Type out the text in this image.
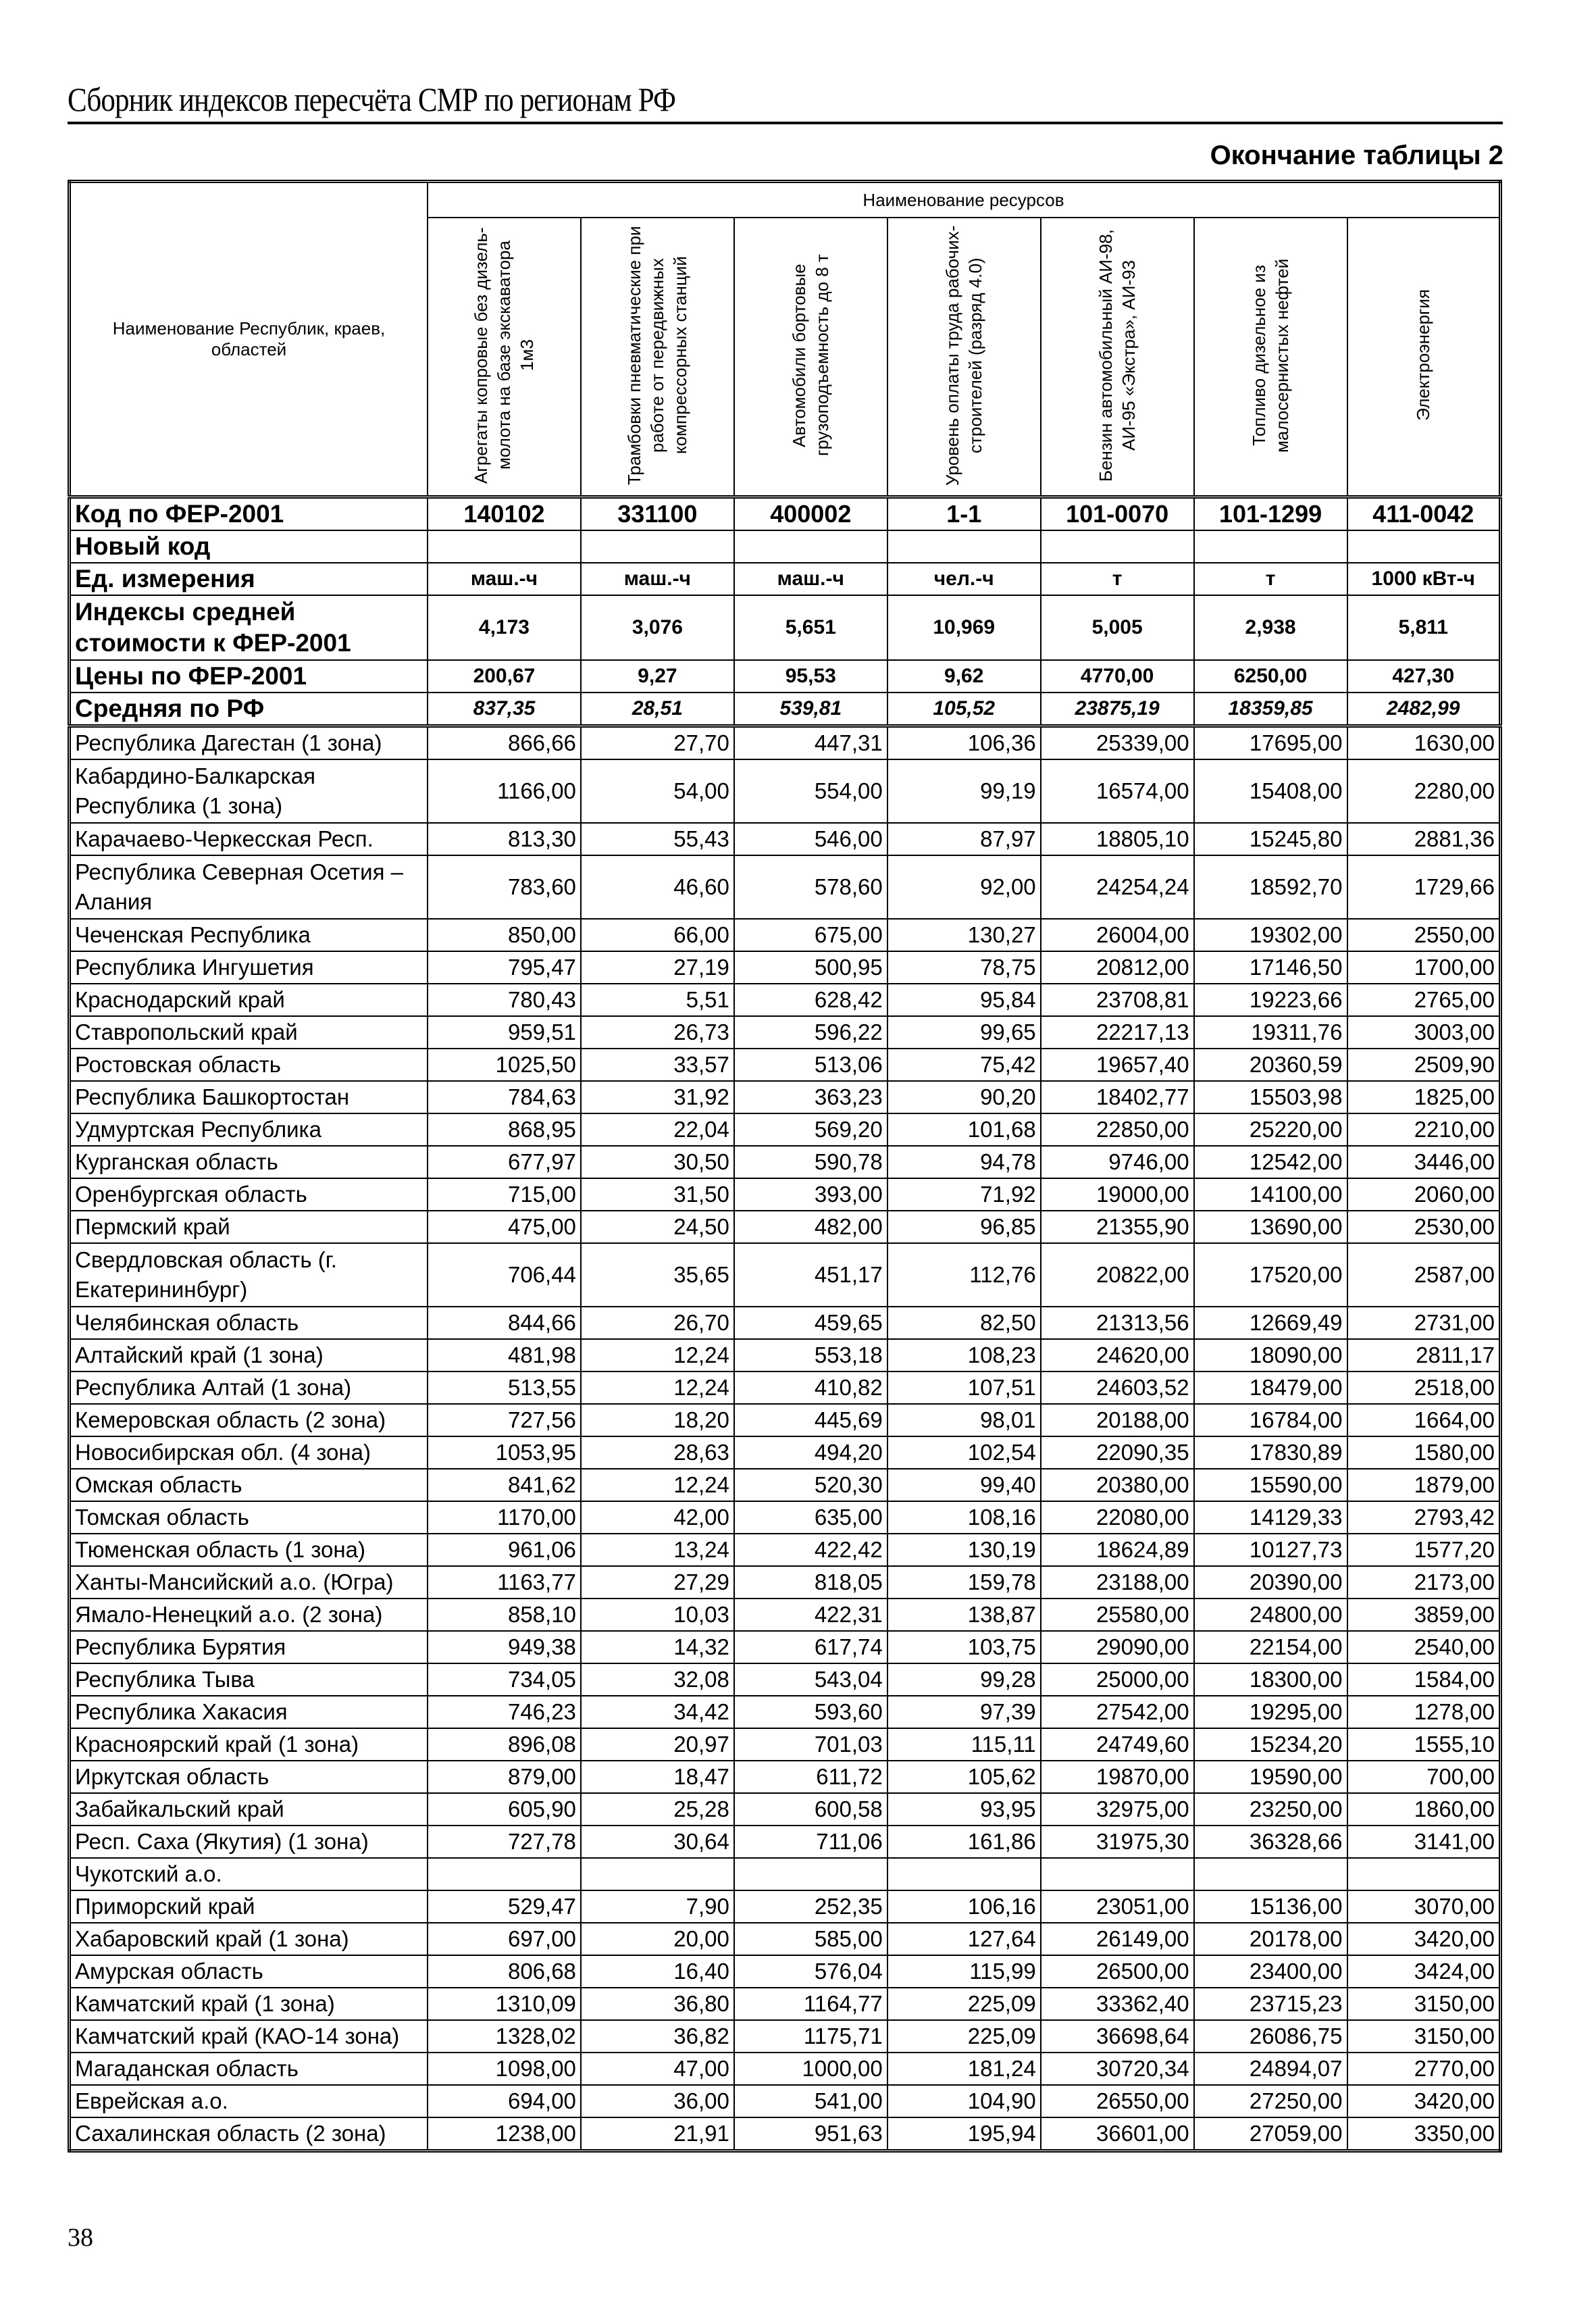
Сборник индексов пересчёта СМР по регионам РФ
Окончание таблицы 2
Наименование Республик, краев, областей	Наименование ресурсов						
	Агрегаты копровые без дизель-молота на базе экскаватора 1м3	Трамбовки пневматические при работе от передвижных компрессорных станций	Автомобили бортовые грузоподъемность до 8 т	Уровень оплаты труда рабочих-строителей (разряд 4.0)	Бензин автомобильный АИ-98, АИ-95 «Экстра», АИ-93	Топливо дизельное из малосернистых нефтей	Электроэнергия
Код по ФЕР-2001	140102	331100	400002	1-1	101-0070	101-1299	411-0042
Новый код							
Ед. измерения	маш.-ч	маш.-ч	маш.-ч	чел.-ч	т	т	1000 кВт-ч
Индексы средней стоимости к ФЕР-2001	4,173	3,076	5,651	10,969	5,005	2,938	5,811
Цены по ФЕР-2001	200,67	9,27	95,53	9,62	4770,00	6250,00	427,30
Средняя по РФ	837,35	28,51	539,81	105,52	23875,19	18359,85	2482,99
Республика Дагестан (1 зона)	866,66	27,70	447,31	106,36	25339,00	17695,00	1630,00
Кабардино-Балкарская Республика (1 зона)	1166,00	54,00	554,00	99,19	16574,00	15408,00	2280,00
Карачаево-Черкесская Респ.	813,30	55,43	546,00	87,97	18805,10	15245,80	2881,36
Республика Северная Осетия – Алания	783,60	46,60	578,60	92,00	24254,24	18592,70	1729,66
Чеченская Республика	850,00	66,00	675,00	130,27	26004,00	19302,00	2550,00
Республика Ингушетия	795,47	27,19	500,95	78,75	20812,00	17146,50	1700,00
Краснодарский край	780,43	5,51	628,42	95,84	23708,81	19223,66	2765,00
Ставропольский край	959,51	26,73	596,22	99,65	22217,13	19311,76	3003,00
Ростовская область	1025,50	33,57	513,06	75,42	19657,40	20360,59	2509,90
Республика Башкортостан	784,63	31,92	363,23	90,20	18402,77	15503,98	1825,00
Удмуртская Республика	868,95	22,04	569,20	101,68	22850,00	25220,00	2210,00
Курганская область	677,97	30,50	590,78	94,78	9746,00	12542,00	3446,00
Оренбургская область	715,00	31,50	393,00	71,92	19000,00	14100,00	2060,00
Пермский край	475,00	24,50	482,00	96,85	21355,90	13690,00	2530,00
Свердловская область (г. Екатерининбург)	706,44	35,65	451,17	112,76	20822,00	17520,00	2587,00
Челябинская область	844,66	26,70	459,65	82,50	21313,56	12669,49	2731,00
Алтайский край (1 зона)	481,98	12,24	553,18	108,23	24620,00	18090,00	2811,17
Республика Алтай (1 зона)	513,55	12,24	410,82	107,51	24603,52	18479,00	2518,00
Кемеровская область (2 зона)	727,56	18,20	445,69	98,01	20188,00	16784,00	1664,00
Новосибирская обл. (4 зона)	1053,95	28,63	494,20	102,54	22090,35	17830,89	1580,00
Омская область	841,62	12,24	520,30	99,40	20380,00	15590,00	1879,00
Томская область	1170,00	42,00	635,00	108,16	22080,00	14129,33	2793,42
Тюменская область (1 зона)	961,06	13,24	422,42	130,19	18624,89	10127,73	1577,20
Ханты-Мансийский а.о. (Югра)	1163,77	27,29	818,05	159,78	23188,00	20390,00	2173,00
Ямало-Ненецкий а.о. (2 зона)	858,10	10,03	422,31	138,87	25580,00	24800,00	3859,00
Республика Бурятия	949,38	14,32	617,74	103,75	29090,00	22154,00	2540,00
Республика Тыва	734,05	32,08	543,04	99,28	25000,00	18300,00	1584,00
Республика Хакасия	746,23	34,42	593,60	97,39	27542,00	19295,00	1278,00
Красноярский край (1 зона)	896,08	20,97	701,03	115,11	24749,60	15234,20	1555,10
Иркутская область	879,00	18,47	611,72	105,62	19870,00	19590,00	700,00
Забайкальский край	605,90	25,28	600,58	93,95	32975,00	23250,00	1860,00
Респ. Саха (Якутия) (1 зона)	727,78	30,64	711,06	161,86	31975,30	36328,66	3141,00
Чукотский а.о.							
Приморский край	529,47	7,90	252,35	106,16	23051,00	15136,00	3070,00
Хабаровский край (1 зона)	697,00	20,00	585,00	127,64	26149,00	20178,00	3420,00
Амурская область	806,68	16,40	576,04	115,99	26500,00	23400,00	3424,00
Камчатский край (1 зона)	1310,09	36,80	1164,77	225,09	33362,40	23715,23	3150,00
Камчатский край (КАО-14 зона)	1328,02	36,82	1175,71	225,09	36698,64	26086,75	3150,00
Магаданская область	1098,00	47,00	1000,00	181,24	30720,34	24894,07	2770,00
Еврейская а.о.	694,00	36,00	541,00	104,90	26550,00	27250,00	3420,00
Сахалинская область (2 зона)	1238,00	21,91	951,63	195,94	36601,00	27059,00	3350,00
38
